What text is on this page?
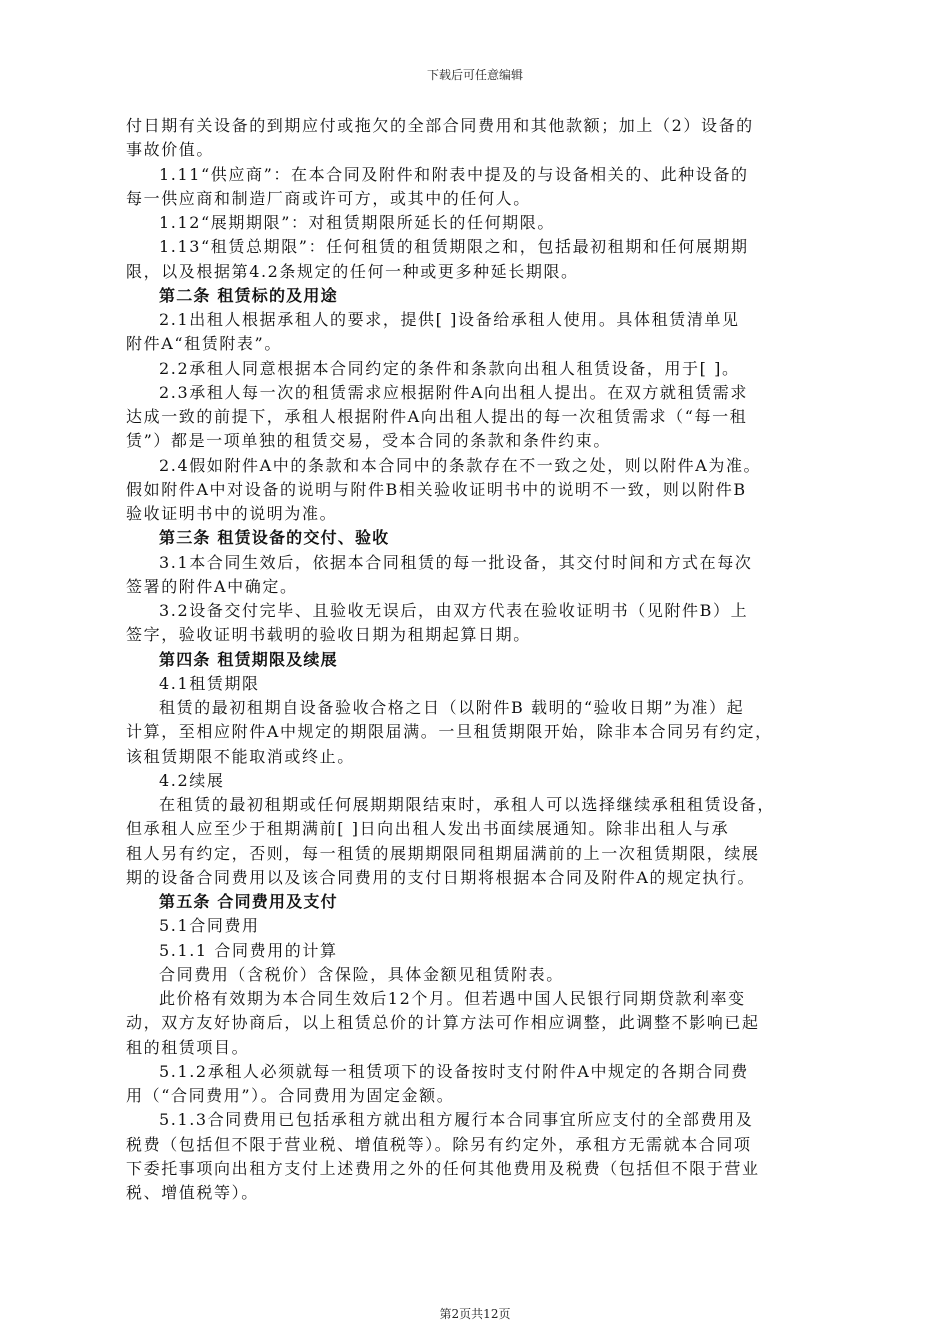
下载后可任意编辑
付日期有关设备的到期应付或拖欠的全部合同费用和其他款额；加上（2）设备的
事故价值。
1.11“供应商”：在本合同及附件和附表中提及的与设备相关的、此种设备的
每一供应商和制造厂商或许可方，或其中的任何人。
1.12“展期期限”：对租赁期限所延长的任何期限。
1.13“租赁总期限”：任何租赁的租赁期限之和，包括最初租期和任何展期期
限，以及根据第4.2条规定的任何一种或更多种延长期限。
第二条 租赁标的及用途
2.1出租人根据承租人的要求，提供[ ]设备给承租人使用。具体租赁清单见
附件A“租赁附表”。
2.2承租人同意根据本合同约定的条件和条款向出租人租赁设备，用于[ ]。
2.3承租人每一次的租赁需求应根据附件A向出租人提出。在双方就租赁需求
达成一致的前提下，承租人根据附件A向出租人提出的每一次租赁需求（“每一租
赁”）都是一项单独的租赁交易，受本合同的条款和条件约束。
2.4假如附件A中的条款和本合同中的条款存在不一致之处，则以附件A为准。
假如附件A中对设备的说明与附件B相关验收证明书中的说明不一致，则以附件B
验收证明书中的说明为准。
第三条 租赁设备的交付、验收
3.1本合同生效后，依据本合同租赁的每一批设备，其交付时间和方式在每次
签署的附件A中确定。
3.2设备交付完毕、且验收无误后，由双方代表在验收证明书（见附件B）上
签字，验收证明书载明的验收日期为租期起算日期。
第四条 租赁期限及续展
4.1租赁期限
租赁的最初租期自设备验收合格之日（以附件B 载明的“验收日期”为准）起
计算，至相应附件A中规定的期限届满。一旦租赁期限开始，除非本合同另有约定，
该租赁期限不能取消或终止。
4.2续展
在租赁的最初租期或任何展期期限结束时，承租人可以选择继续承租租赁设备，
但承租人应至少于租期满前[ ]日向出租人发出书面续展通知。除非出租人与承
租人另有约定，否则，每一租赁的展期期限同租期届满前的上一次租赁期限，续展
期的设备合同费用以及该合同费用的支付日期将根据本合同及附件A的规定执行。
第五条 合同费用及支付
5.1合同费用
5.1.1 合同费用的计算
合同费用（含税价）含保险，具体金额见租赁附表。
此价格有效期为本合同生效后12个月。但若遇中国人民银行同期贷款利率变
动，双方友好协商后，以上租赁总价的计算方法可作相应调整，此调整不影响已起
租的租赁项目。
5.1.2承租人必须就每一租赁项下的设备按时支付附件A中规定的各期合同费
用（“合同费用”）。合同费用为固定金额。
5.1.3合同费用已包括承租方就出租方履行本合同事宜所应支付的全部费用及
税费（包括但不限于营业税、增值税等）。除另有约定外，承租方无需就本合同项
下委托事项向出租方支付上述费用之外的任何其他费用及税费（包括但不限于营业
税、增值税等）。
第2页共12页
